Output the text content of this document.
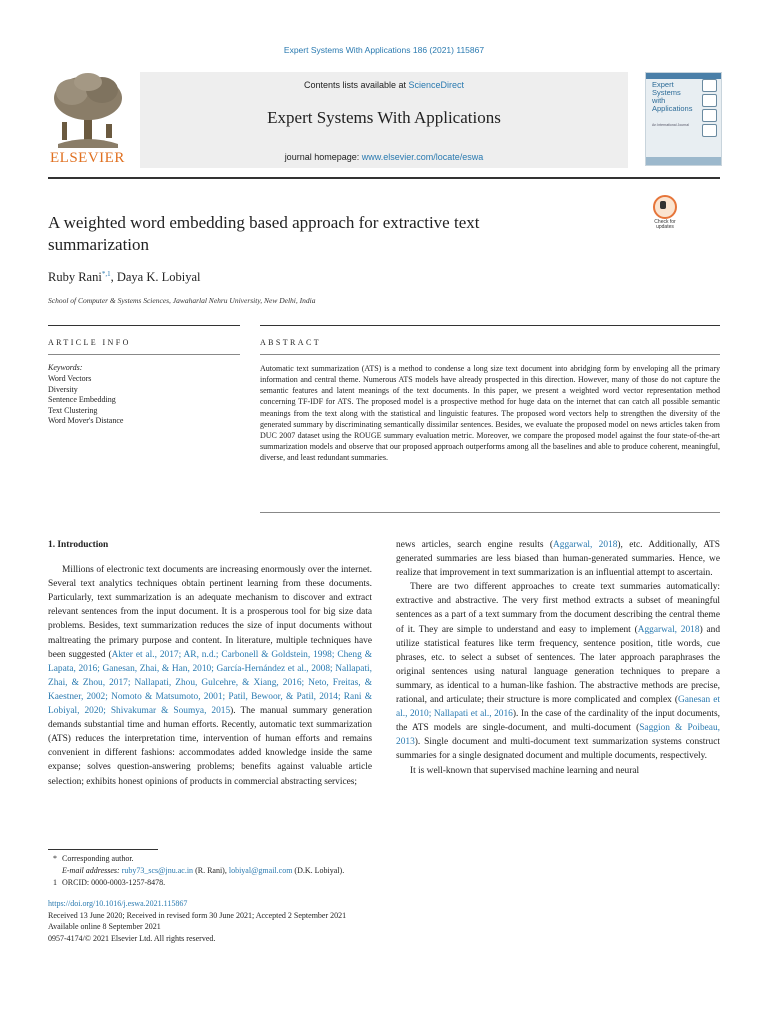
Expert Systems With Applications 186 (2021) 115867
ELSEVIER
Contents lists available at ScienceDirect
Expert Systems With Applications
journal homepage: www.elsevier.com/locate/eswa
Expert Systems with Applications
An International Journal
A weighted word embedding based approach for extractive text summarization
Check for updates
Ruby Rani$^{*,1}$, Daya K. Lobiyal
School of Computer & Systems Sciences, Jawaharlal Nehru University, New Delhi, India
ARTICLE INFO	ABSTRACT
Keywords:
Word Vectors
Diversity
Sentence Embedding
Text Clustering
Word Mover's Distance
Automatic text summarization (ATS) is a method to condense a long size text document into abridging form by enveloping all the primary information and central theme. Numerous ATS models have already prospected in this direction. However, many of those do not capture the semantic features and latent meanings of the text documents. In this paper, we present a weighted word vector representation method concerning TF-IDF for ATS. The proposed model is a prospective method for huge data on the internet that can catch all possible semantic meanings from the text along with the statistical and linguistic features. The proposed word vectors help to strengthen the diversity of the generated summary by discriminating semantically dissimilar sentences. Besides, we evaluate the proposed model on news articles taken from DUC 2007 dataset using the ROUGE summary evaluation metric. Moreover, we compare the proposed model against the four state-of-the-art summarization models and observe that our proposed approach outperforms among all the baselines and able to produce coherent, meaningful, diverse, and least redundant summaries.

1. Introduction

Millions of electronic text documents are increasing enormously over the internet. Several text analytics techniques obtain pertinent learning from these documents. Particularly, text summarization is an adequate mechanism to discover and extract relevant sentences from the input document. It is a prosperous tool for big size data problems. Besides, text summarization reduces the size of input documents without maltreating the primary purpose and content. In literature, multiple techniques have been suggested (Akter et al., 2017; AR, n.d.; Carbonell & Goldstein, 1998; Cheng & Lapata, 2016; Ganesan, Zhai, & Han, 2010; García-Hernández et al., 2008; Nallapati, Zhai, & Zhou, 2017; Nallapati, Zhou, Gulcehre, & Xiang, 2016; Neto, Freitas, & Kaestner, 2002; Nomoto & Matsumoto, 2001; Patil, Bewoor, & Patil, 2014; Rani & Lobiyal, 2020; Shivakumar & Soumya, 2015). The manual summary generation demands substantial time and human efforts. Recently, automatic text summarization (ATS) reduces the interpretation time, intervention of human efforts and remains convenient in different fashions: accommodates added knowledge inside the same expanse; solves question-answering problems; benefits against valuable article selection; exhibits honest opinions of products in commercial abstracting services;

news articles, search engine results (Aggarwal, 2018), etc. Additionally, ATS generated summaries are less biased than human-generated summaries. Hence, we realize that improvement in text summarization is an influential attempt to ascertain.

There are two different approaches to create text summaries automatically: extractive and abstractive. The very first method extracts a subset of meaningful sentences as a part of a text summary from the document describing the central theme of it. They are simple to understand and easy to implement (Aggarwal, 2018) and utilize statistical features like term frequency, sentence position, title words, cue phrases, etc. to select a subset of sentences. The later approach paraphrases the original sentences using natural language generation techniques to prepare a summary, as identical to a human-like fashion. The abstractive methods are precise, rational, and articulate; their structure is more complicated and complex (Ganesan et al., 2010; Nallapati et al., 2016). In the case of the cardinality of the input documents, the ATS models are single-document, and multi-document (Saggion & Poibeau, 2013). Single document and multi-document text summarization systems construct summaries for a single designated document and multiple documents, respectively.

It is well-known that supervised machine learning and neural

* Corresponding author.
E-mail addresses: ruby73_scs@jnu.ac.in (R. Rani), lobiyal@gmail.com (D.K. Lobiyal).
1 ORCID: 0000-0003-1257-8478.
https://doi.org/10.1016/j.eswa.2021.115867
Received 13 June 2020; Received in revised form 30 June 2021; Accepted 2 September 2021
Available online 8 September 2021
0957-4174/© 2021 Elsevier Ltd. All rights reserved.
